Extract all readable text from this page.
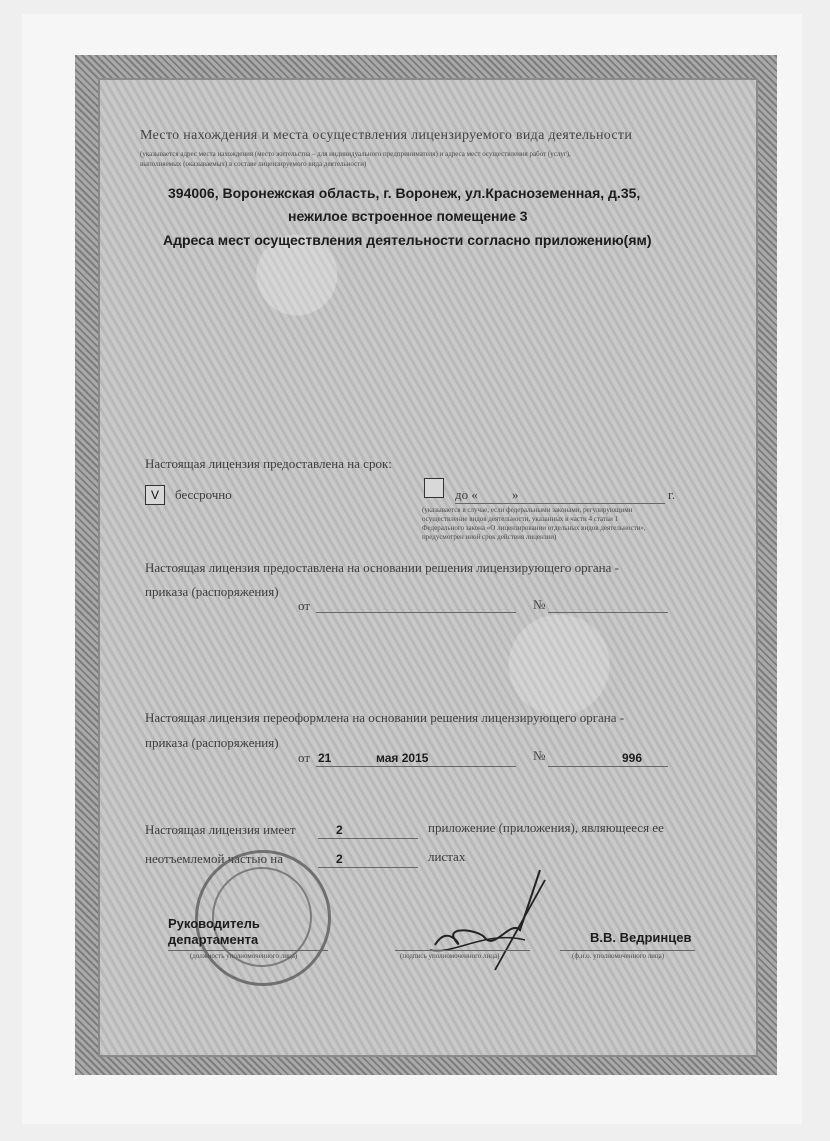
Место нахождения и места осуществления лицензируемого вида деятельности
(указывается адрес места нахождения (место жительства – для индивидуального предпринимателя) и адреса мест осуществления работ (услуг),
выполняемых (оказываемых) в составе лицензируемого вида деятельности)
394006, Воронежская область, г. Воронеж, ул.Красноземенная, д.35,
нежилое встроенное помещение 3
Адреса мест осуществления деятельности согласно приложению(ям)
Настоящая лицензия предоставлена на срок:
V	бессрочно	до «	»	г.
(указывается в случае, если федеральными законами, регулирующими
осуществление видов деятельности, указанных в части 4 статьи 1
Федерального закона «О лицензировании отдельных видов деятельности»,
предусмотрен иной срок действия лицензии)
Настоящая лицензия предоставлена на основании решения лицензирующего органа -
приказа (распоряжения)
от	№
Настоящая лицензия переоформлена на основании решения лицензирующего органа -
приказа (распоряжения)
от 21	мая 2015	№	996
Настоящая лицензия имеет	2	приложение (приложения), являющееся ее
неотъемлемой частью на	2	листах
Руководитель
департамента
(должность уполномоченного лица)	(подпись уполномоченного лица)
В.В. Ведринцев
(ф.и.о. уполномоченного лица)
